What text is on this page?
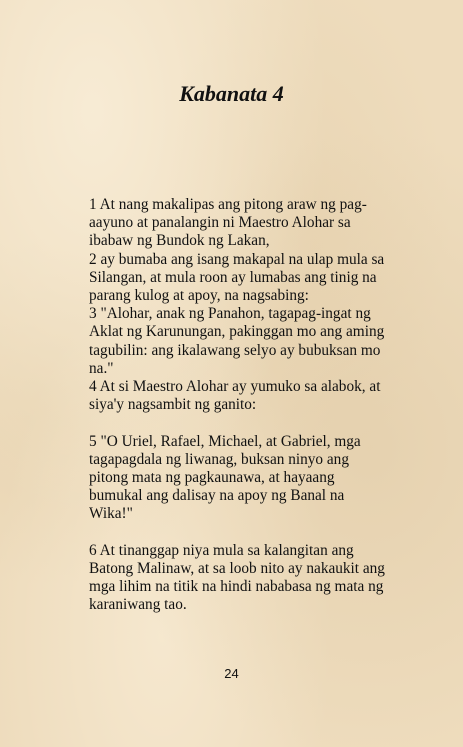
Kabanata 4

1 At nang makalipas ang pitong araw ng pag-aayuno at panalangin ni Maestro Alohar sa ibabaw ng Bundok ng Lakan,

2 ay bumaba ang isang makapal na ulap mula sa Silangan, at mula roon ay lumabas ang tinig na parang kulog at apoy, na nagsabing:

3 "Alohar, anak ng Panahon, tagapag-ingat ng Aklat ng Karunungan, pakinggan mo ang aming tagubilin: ang ikalawang selyo ay bubuksan mo na."

4 At si Maestro Alohar ay yumuko sa alabok, at siya'y nagsambit ng ganito:

5 "O Uriel, Rafael, Michael, at Gabriel, mga tagapagdala ng liwanag, buksan ninyo ang pitong mata ng pagkaunawa, at hayaang bumukal ang dalisay na apoy ng Banal na Wika!"

6 At tinanggap niya mula sa kalangitan ang Batong Malinaw, at sa loob nito ay nakaukit ang mga lihim na titik na hindi nababasa ng mata ng karaniwang tao.

24
